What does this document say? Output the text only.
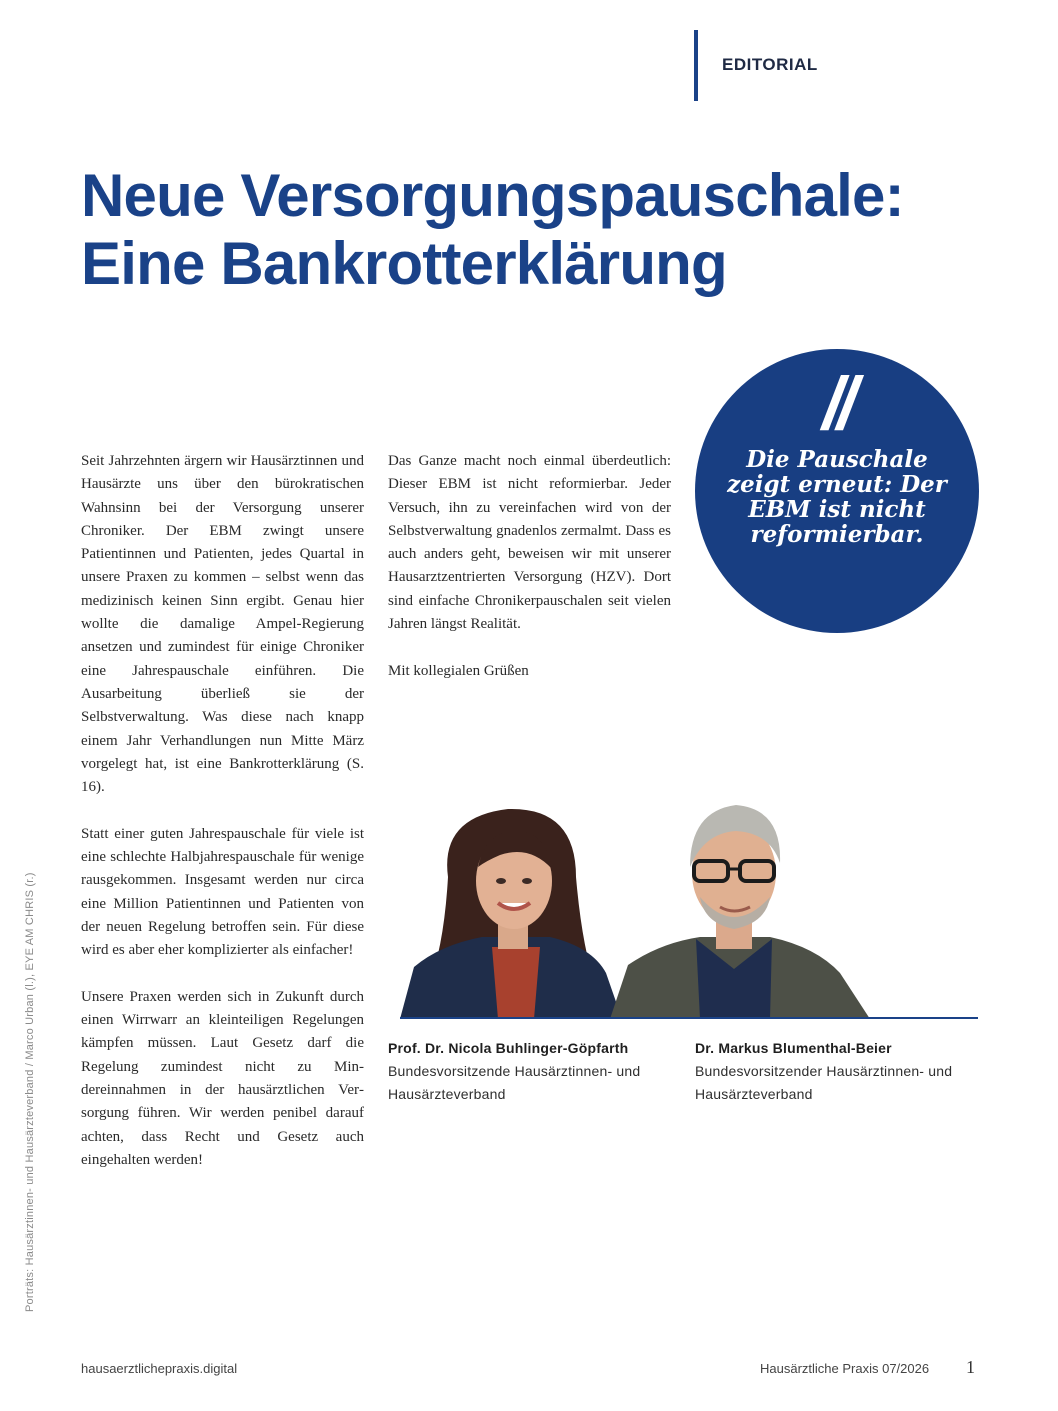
EDITORIAL
Neue Versorgungspauschale:
Eine Bankrotterklärung
//
Die Pauschale zeigt erneut: Der EBM ist nicht reformierbar.

Seit Jahrzehnten ärgern wir Hausärztinnen und Hausärzte uns über den bürokratischen Wahnsinn bei der Versorgung unserer Chroniker. Der EBM zwingt unsere Patientinnen und Patienten, jedes Quartal in unsere Praxen zu kommen – selbst wenn das medizinisch keinen Sinn ergibt. Genau hier wollte die damalige Ampel-Regierung ansetzen und zumindest für einige Chroniker eine Jahrespauschale einführen. Die Ausarbeitung überließ sie der Selbstverwaltung. Was diese nach knapp einem Jahr Verhandlungen nun Mitte März vorgelegt hat, ist eine Bankrotterklärung (S. 16).

Statt einer guten Jahrespauschale für viele ist eine schlechte Halbjahrespauschale für wenige rausgekommen. Insgesamt werden nur circa eine Million Patientinnen und Patienten von der neuen Regelung betroffen sein. Für diese wird es aber eher komplizierter als einfacher!

Unsere Praxen werden sich in Zukunft durch einen Wirrwarr an kleinteiligen Regelungen kämpfen müssen. Laut Gesetz darf die Regelung zumindest nicht zu Mindereinnahmen in der hausärztlichen Versorgung führen. Wir werden penibel darauf achten, dass Recht und Gesetz auch eingehalten werden!

Das Ganze macht noch einmal überdeutlich: Dieser EBM ist nicht reformierbar. Jeder Versuch, ihn zu vereinfachen wird von der Selbstverwaltung gnadenlos zermalmt. Dass es auch anders geht, beweisen wir mit unserer Hausarztzentrierten Versorgung (HZV). Dort sind einfache Chronikerpauschalen seit vielen Jahren längst Realität.

Mit kollegialen Grüßen

Prof. Dr. Nicola Buhlinger-Göpfarth
Bundesvorsitzende Hausärztinnen- und Hausärzteverband
Dr. Markus Blumenthal-Beier
Bundesvorsitzender Hausärztinnen- und Hausärzteverband
Porträts: Hausärztinnen- und Hausärzteverband / Marco Urban (l.), EYE AM CHRIS (r.)
hausaerztlichepraxis.digital	Hausärztliche Praxis 07/2026 1
